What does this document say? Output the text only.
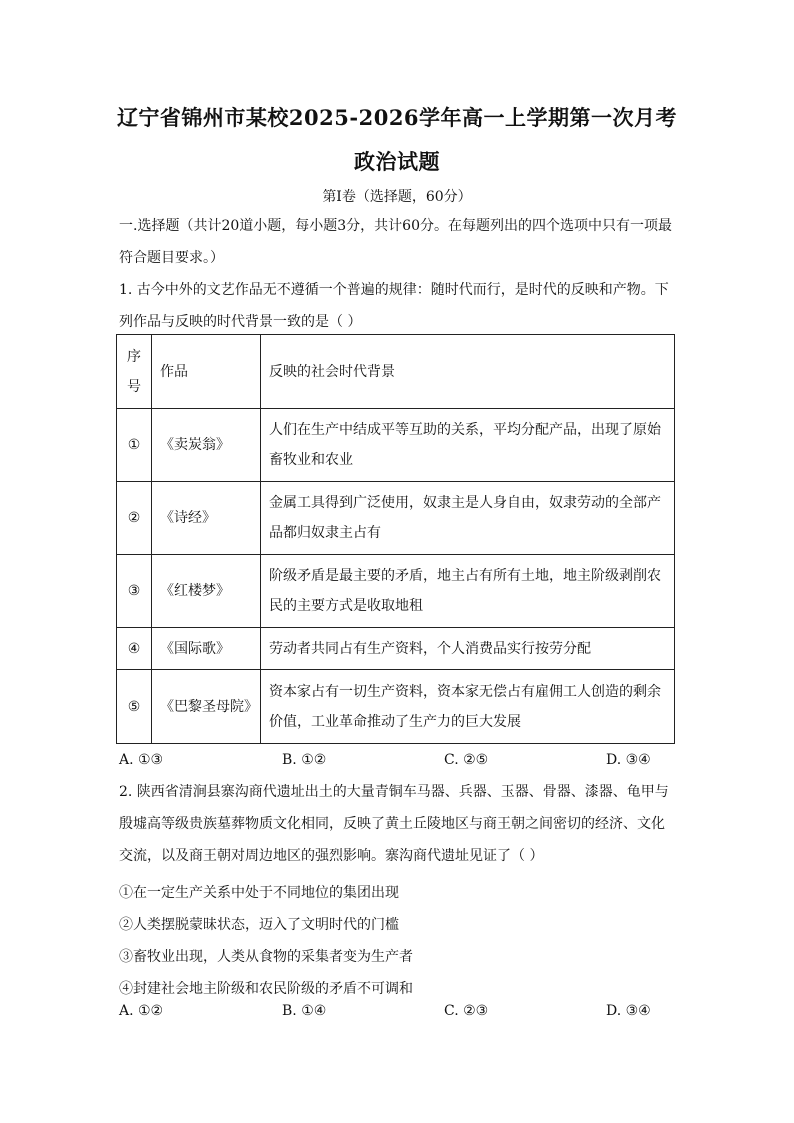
辽宁省锦州市某校2025-2026学年高一上学期第一次月考
政治试题
第Ⅰ卷（选择题，60分）
一.选择题（共计20道小题，每小题3分，共计60分。在每题列出的四个选项中只有一项最符合题目要求。）
1. 古今中外的文艺作品无不遵循一个普遍的规律：随时代而行，是时代的反映和产物。下列作品与反映的时代背景一致的是（ ）
序号	作品	反映的社会时代背景
①	《卖炭翁》	人们在生产中结成平等互助的关系，平均分配产品，出现了原始畜牧业和农业
②	《诗经》	金属工具得到广泛使用，奴隶主是人身自由，奴隶劳动的全部产品都归奴隶主占有
③	《红楼梦》	阶级矛盾是最主要的矛盾，地主占有所有土地，地主阶级剥削农民的主要方式是收取地租
④	《国际歌》	劳动者共同占有生产资料，个人消费品实行按劳分配
⑤	《巴黎圣母院》	资本家占有一切生产资料，资本家无偿占有雇佣工人创造的剩余价值，工业革命推动了生产力的巨大发展
A. ①③	B. ①②	C. ②⑤	D. ③④
2. 陕西省清涧县寨沟商代遗址出土的大量青铜车马器、兵器、玉器、骨器、漆器、龟甲与殷墟高等级贵族墓葬物质文化相同，反映了黄土丘陵地区与商王朝之间密切的经济、文化交流，以及商王朝对周边地区的强烈影响。寨沟商代遗址见证了（ ）
①在一定生产关系中处于不同地位的集团出现
②人类摆脱蒙昧状态，迈入了文明时代的门槛
③畜牧业出现，人类从食物的采集者变为生产者
④封建社会地主阶级和农民阶级的矛盾不可调和
A. ①②	B. ①④	C. ②③	D. ③④
